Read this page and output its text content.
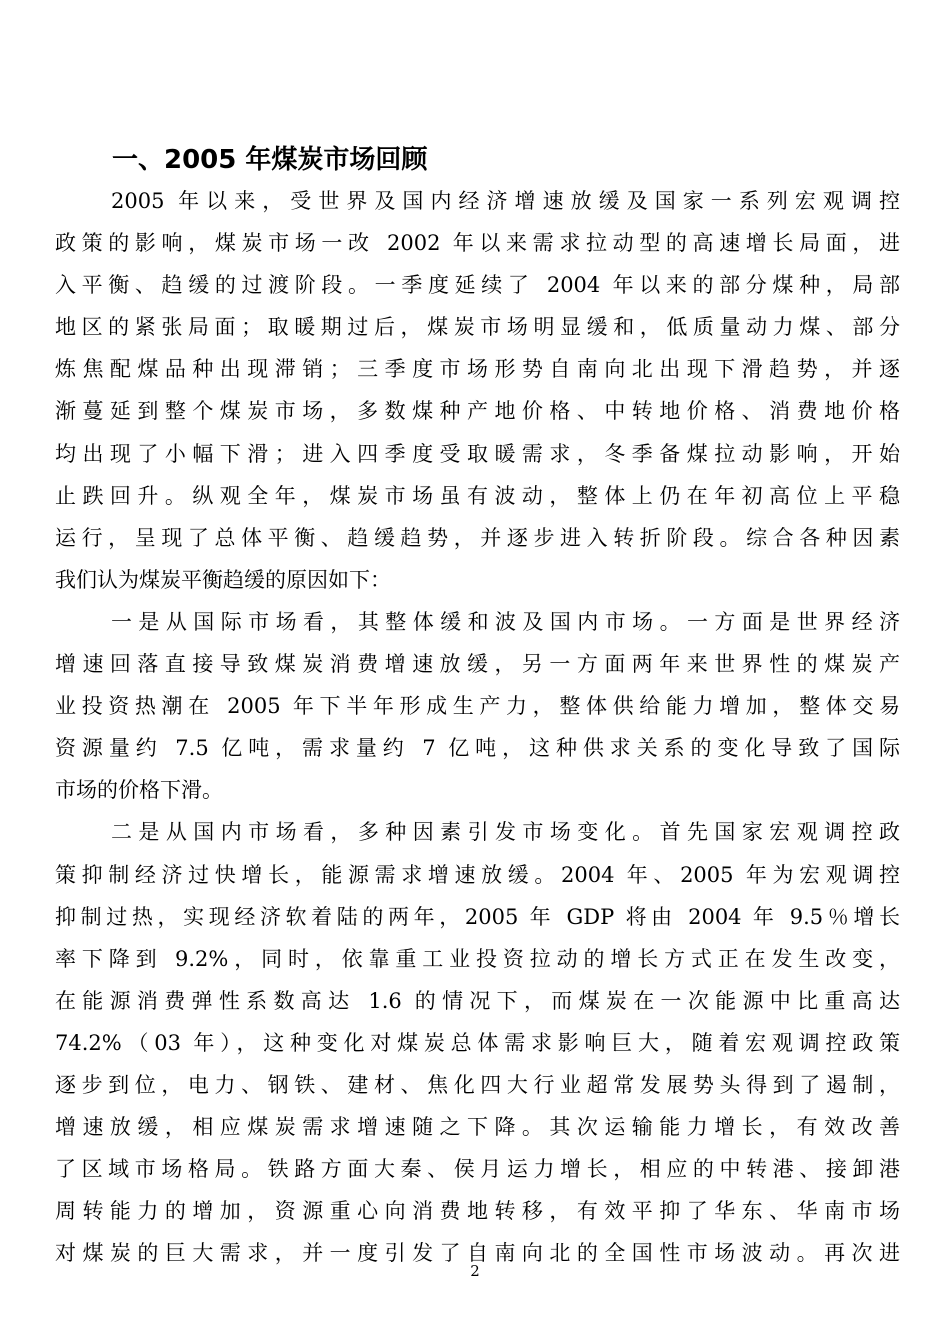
一、2005 年煤炭市场回顾
2005 年以来，受世界及国内经济增速放缓及国家一系列宏观调控
政策的影响，煤炭市场一改 2002 年以来需求拉动型的高速增长局面，进
入平衡、趋缓的过渡阶段。一季度延续了 2004 年以来的部分煤种，局部
地区的紧张局面；取暖期过后，煤炭市场明显缓和，低质量动力煤、部分
炼焦配煤品种出现滞销；三季度市场形势自南向北出现下滑趋势，并逐
渐蔓延到整个煤炭市场，多数煤种产地价格、中转地价格、消费地价格
均出现了小幅下滑；进入四季度受取暖需求，冬季备煤拉动影响，开始
止跌回升。纵观全年，煤炭市场虽有波动，整体上仍在年初高位上平稳
运行，呈现了总体平衡、趋缓趋势，并逐步进入转折阶段。综合各种因素
我们认为煤炭平衡趋缓的原因如下：
一是从国际市场看，其整体缓和波及国内市场。一方面是世界经济
增速回落直接导致煤炭消费增速放缓，另一方面两年来世界性的煤炭产
业投资热潮在 2005 年下半年形成生产力，整体供给能力增加，整体交易
资源量约 7.5 亿吨，需求量约 7 亿吨，这种供求关系的变化导致了国际
市场的价格下滑。
二是从国内市场看，多种因素引发市场变化。首先国家宏观调控政
策抑制经济过快增长，能源需求增速放缓。2004 年、2005 年为宏观调控
抑制过热，实现经济软着陆的两年，2005 年 GDP 将由 2004 年 9.5％增长
率下降到 9.2%，同时，依靠重工业投资拉动的增长方式正在发生改变，
在能源消费弹性系数高达 1.6 的情况下，而煤炭在一次能源中比重高达
74.2%（03 年），这种变化对煤炭总体需求影响巨大，随着宏观调控政策
逐步到位，电力、钢铁、建材、焦化四大行业超常发展势头得到了遏制，
增速放缓，相应煤炭需求增速随之下降。其次运输能力增长，有效改善
了区域市场格局。铁路方面大秦、侯月运力增长，相应的中转港、接卸港
周转能力的增加，资源重心向消费地转移，有效平抑了华东、华南市场
对煤炭的巨大需求，并一度引发了自南向北的全国性市场波动。再次进
2
